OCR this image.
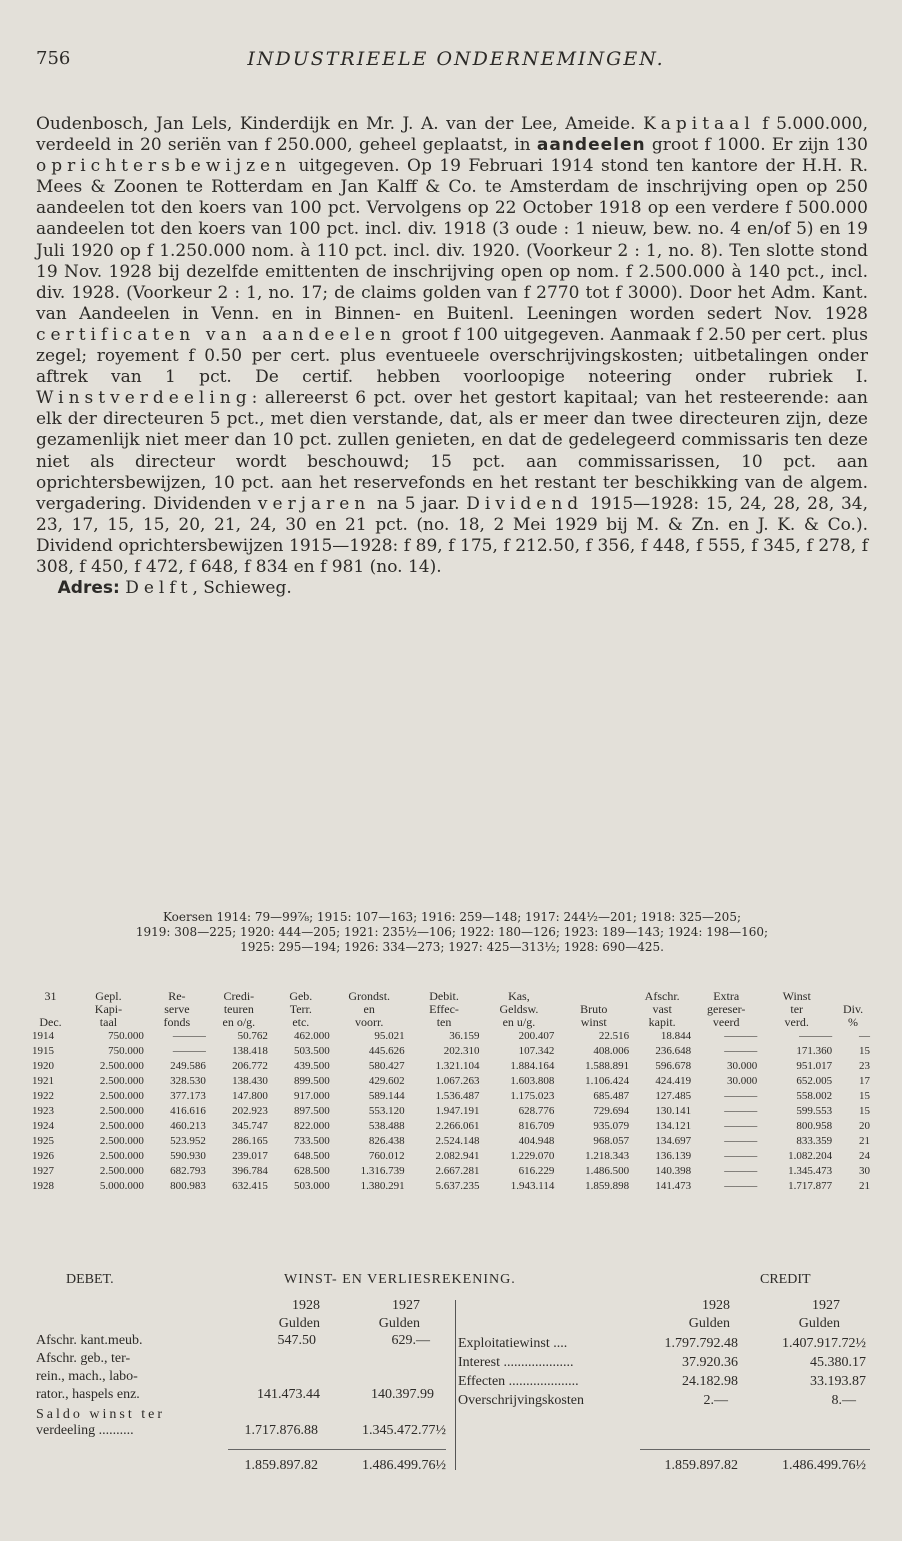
756	INDUSTRIEELE ONDERNEMINGEN.

Oudenbosch, Jan Lels, Kinderdijk en Mr. J. A. van der Lee, Ameide. Kapitaal f 5.000.000, verdeeld in 20 seriën van f 250.000, geheel geplaatst, in aandeelen groot f 1000. Er zijn 130 oprichtersbewijzen uitgegeven. Op 19 Februari 1914 stond ten kantore der H.H. R. Mees & Zoonen te Rotterdam en Jan Kalff & Co. te Amsterdam de inschrijving open op 250 aandeelen tot den koers van 100 pct. Vervolgens op 22 October 1918 op een verdere f 500.000 aandeelen tot den koers van 100 pct. incl. div. 1918 (3 oude : 1 nieuw, bew. no. 4 en/of 5) en 19 Juli 1920 op f 1.250.000 nom. à 110 pct. incl. div. 1920. (Voorkeur 2 : 1, no. 8). Ten slotte stond 19 Nov. 1928 bij dezelfde emittenten de inschrijving open op nom. f 2.500.000 à 140 pct., incl. div. 1928. (Voorkeur 2 : 1, no. 17; de claims golden van f 2770 tot f 3000). Door het Adm. Kant. van Aandeelen in Venn. en in Binnen- en Buitenl. Leeningen worden sedert Nov. 1928 certificaten van aandeelen groot f 100 uitgegeven. Aanmaak f 2.50 per cert. plus zegel; royement f 0.50 per cert. plus eventueele overschrijvingskosten; uitbetalingen onder aftrek van 1 pct. De certif. hebben voorloopige noteering onder rubriek I. Winstverdeeling: allereerst 6 pct. over het gestort kapitaal; van het resteerende: aan elk der directeuren 5 pct., met dien verstande, dat, als er meer dan twee directeuren zijn, deze gezamenlijk niet meer dan 10 pct. zullen genieten, en dat de gedelegeerd commissaris ten deze niet als directeur wordt beschouwd; 15 pct. aan commissarissen, 10 pct. aan oprichtersbewijzen, 10 pct. aan het reservefonds en het restant ter beschikking van de algem. vergadering. Dividenden verjaren na 5 jaar. Dividend 1915—1928: 15, 24, 28, 28, 34, 23, 17, 15, 15, 20, 21, 24, 30 en 21 pct. (no. 18, 2 Mei 1929 bij M. & Zn. en J. K. & Co.). Dividend oprichtersbewijzen 1915—1928: f 89, f 175, f 212.50, f 356, f 448, f 555, f 345, f 278, f 308, f 450, f 472, f 648, f 834 en f 981 (no. 14).

Adres: Delft, Schieweg.

Koersen 1914: 79—99⅞; 1915: 107—163; 1916: 259—148; 1917: 244½—201; 1918: 325—205;
1919: 308—225; 1920: 444—205; 1921: 235½—106; 1922: 180—126; 1923: 189—143; 1924: 198—160;
1925: 295—194; 1926: 334—273; 1927: 425—313½; 1928: 690—425.
31	Gepl.	Re-	Credi-	Geb.	Grondst.	Debit.	Kas,		Afschr.	Extra	Winst	
	Kapi-	serve	teuren	Terr.	en	Effec-	Geldsw.	Bruto	vast	gereser-	ter	Div.
Dec.	taal	fonds	en o/g.	etc.	voorr.	ten	en u/g.	winst	kapit.	veerd	verd.	%
1914	750.000	———	50.762	462.000	95.021	36.159	200.407	22.516	18.844	———	———	—
1915	750.000	———	138.418	503.500	445.626	202.310	107.342	408.006	236.648	———	171.360	15
1920	2.500.000	249.586	206.772	439.500	580.427	1.321.104	1.884.164	1.588.891	596.678	30.000	951.017	23
1921	2.500.000	328.530	138.430	899.500	429.602	1.067.263	1.603.808	1.106.424	424.419	30.000	652.005	17
1922	2.500.000	377.173	147.800	917.000	589.144	1.536.487	1.175.023	685.487	127.485	———	558.002	15
1923	2.500.000	416.616	202.923	897.500	553.120	1.947.191	628.776	729.694	130.141	———	599.553	15
1924	2.500.000	460.213	345.747	822.000	538.488	2.266.061	816.709	935.079	134.121	———	800.958	20
1925	2.500.000	523.952	286.165	733.500	826.438	2.524.148	404.948	968.057	134.697	———	833.359	21
1926	2.500.000	590.930	239.017	648.500	760.012	2.082.941	1.229.070	1.218.343	136.139	———	1.082.204	24
1927	2.500.000	682.793	396.784	628.500	1.316.739	2.667.281	616.229	1.486.500	140.398	———	1.345.473	30
1928	5.000.000	800.983	632.415	503.000	1.380.291	5.637.235	1.943.114	1.859.898	141.473	———	1.717.877	21
DEBET.	WINST- EN VERLIESREKENING.	CREDIT
1928	1927	1928	1927
Gulden	Gulden	Gulden	Gulden
Afschr. kant.meub.	547.50	629.—
Afschr. geb., ter-
rein., mach., labo-
rator., haspels enz.	141.473.44	140.397.99
Saldo winst ter
verdeeling ..........	1.717.876.88	1.345.472.77½
1.859.897.82	1.486.499.76½
Exploitatiewinst ....	1.797.792.48	1.407.917.72½
Interest ....................	37.920.36	45.380.17
Effecten ....................	24.182.98	33.193.87
Overschrijvingskosten	2.—	8.—
1.859.897.82	1.486.499.76½
